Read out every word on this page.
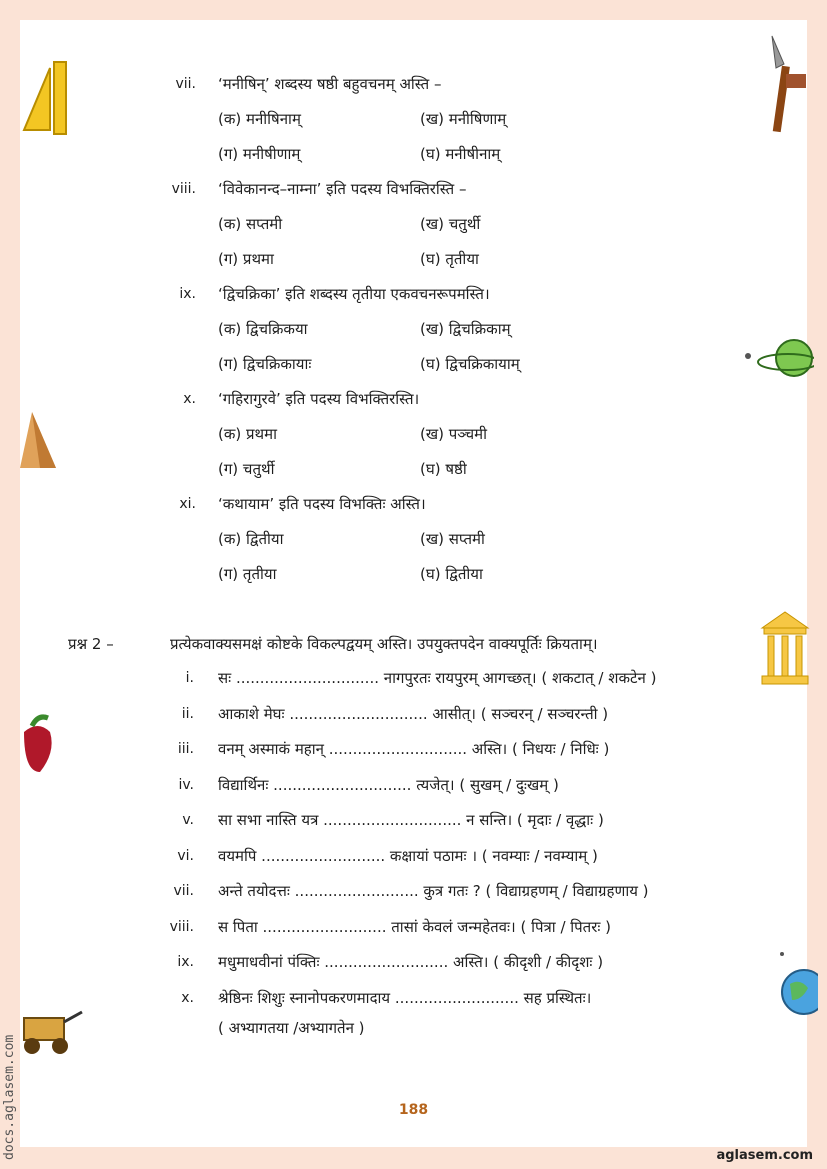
vii. ‘मनीषिन्’ शब्दस्य षष्ठी बहुवचनम् अस्ति –
(क) मनीषिनाम्	(ख) मनीषिणाम्
(ग) मनीषीणाम्	(घ) मनीषीनाम्
viii. ‘विवेकानन्द–नाम्ना’ इति पदस्य विभक्तिरस्ति –
(क) सप्तमी	(ख) चतुर्थी
(ग) प्रथमा	(घ) तृतीया
ix. ‘द्विचक्रिका’ इति शब्दस्य तृतीया एकवचनरूपमस्ति।
(क) द्विचक्रिकया	(ख) द्विचक्रिकाम्
(ग) द्विचक्रिकायाः	(घ) द्विचक्रिकायाम्
x. ‘गहिरागुरवे’ इति पदस्य विभक्तिरस्ति।
(क) प्रथमा	(ख) पञ्चमी
(ग) चतुर्थी	(घ) षष्ठी
xi. ‘कथायाम’ इति पदस्य विभक्तिः अस्ति।
(क) द्वितीया	(ख) सप्तमी
(ग) तृतीया	(घ) द्वितीया
प्रश्न 2 –	प्रत्येकवाक्यसमक्षं कोष्टके विकल्पद्वयम् अस्ति। उपयुक्तपदेन वाक्यपूर्तिः क्रियताम्।
i. सः .............................. नागपुरतः रायपुरम् आगच्छत्। ( शकटात् / शकटेन )
ii. आकाशे मेघः ............................. आसीत्। ( सञ्चरन् / सञ्चरन्ती )
iii. वनम् अस्माकं महान् ............................. अस्ति। ( निधयः / निधिः )
iv. विद्यार्थिनः ............................. त्यजेत्। ( सुखम् / दुःखम् )
v. सा सभा नास्ति यत्र ............................. न सन्ति। ( मृदाः / वृद्धाः )
vi. वयमपि .......................... कक्षायां पठामः । ( नवम्याः / नवम्याम् )
vii. अन्ते तयोदत्तः .......................... कुत्र गतः ? ( विद्याग्रहणम् / विद्याग्रहणाय )
viii. स पिता .......................... तासां केवलं जन्महेतवः। ( पित्रा / पितरः )
ix. मधुमाधवीनां पंक्तिः .......................... अस्ति। ( कीदृशी / कीदृशः )
x. श्रेष्ठिनः शिशुः स्नानोपकरणमादाय .......................... सह प्रस्थितः।
( अभ्यागतया /अभ्यागतेन )
188
aglasem.com
docs.aglasem.com
